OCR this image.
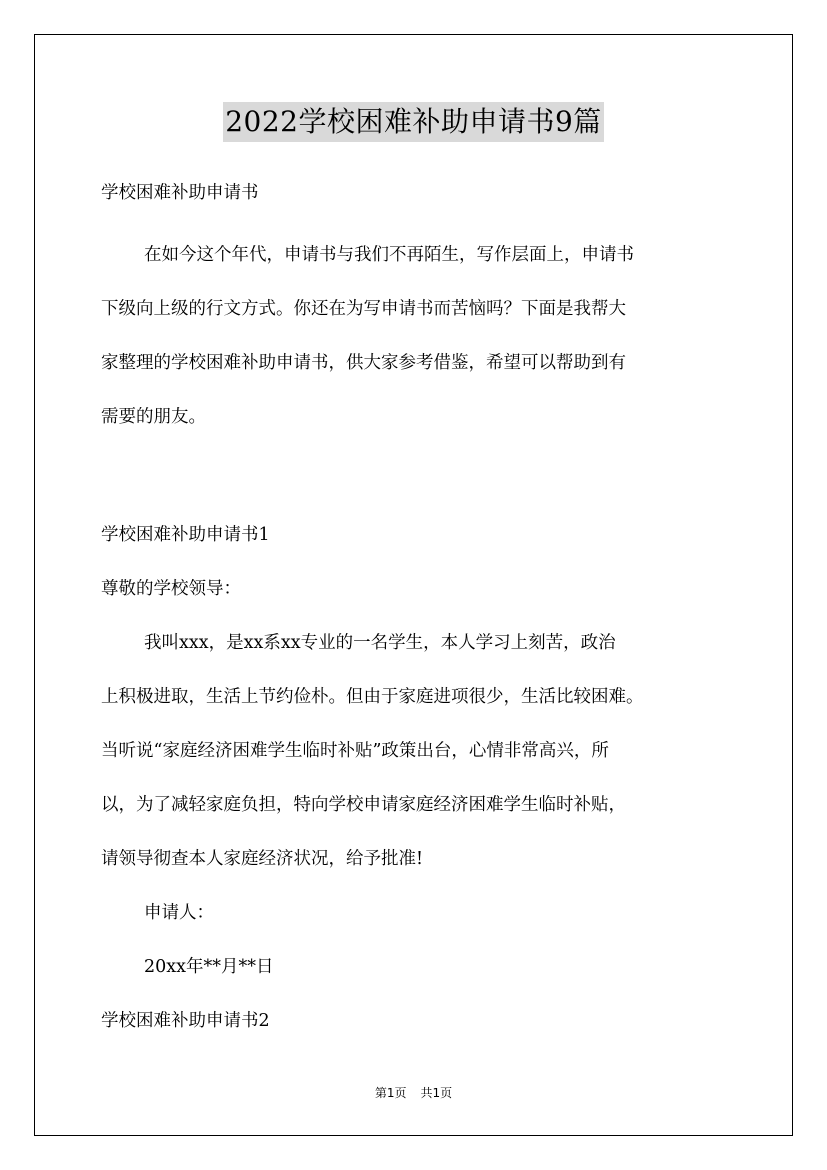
2022学校困难补助申请书9篇
学校困难补助申请书
在如今这个年代，申请书与我们不再陌生，写作层面上，申请书
下级向上级的行文方式。你还在为写申请书而苦恼吗？下面是我帮大
家整理的学校困难补助申请书，供大家参考借鉴，希望可以帮助到有
需要的朋友。
学校困难补助申请书1
尊敬的学校领导：
我叫xxx，是xx系xx专业的一名学生，本人学习上刻苦，政治
上积极进取，生活上节约俭朴。但由于家庭进项很少，生活比较困难。
当听说“家庭经济困难学生临时补贴”政策出台，心情非常高兴，所
以，为了减轻家庭负担，特向学校申请家庭经济困难学生临时补贴，
请领导彻查本人家庭经济状况，给予批准!
申请人：
20xx年**月**日
学校困难补助申请书2
第1页 共1页
